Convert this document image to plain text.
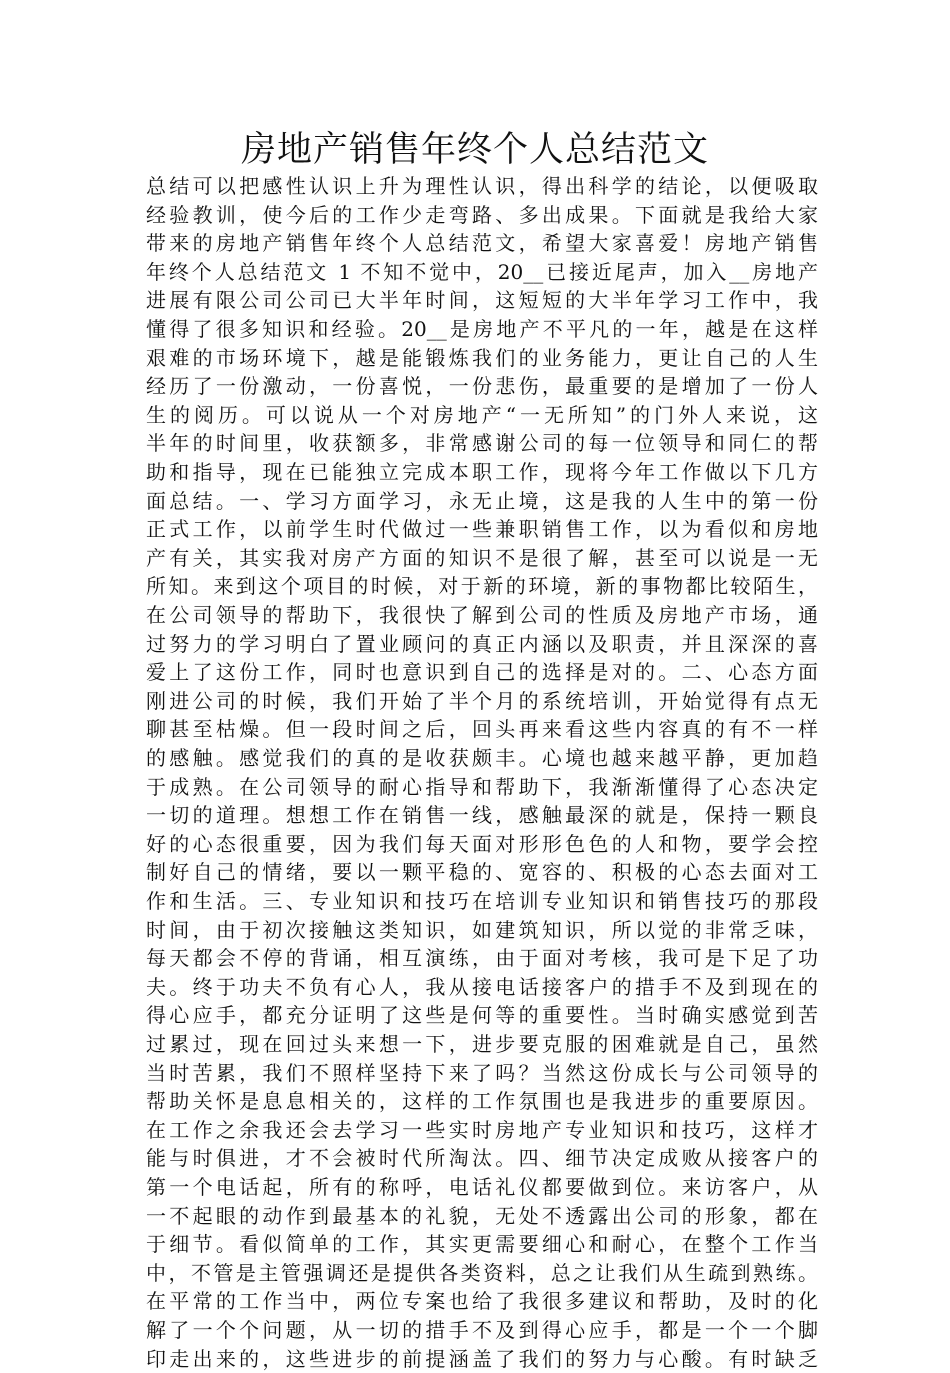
房地产销售年终个人总结范文
总结可以把感性认识上升为理性认识，得出科学的结论，以便吸取
经验教训，使今后的工作少走弯路、多出成果。下面就是我给大家
带来的房地产销售年终个人总结范文，希望大家喜爱！房地产销售
年终个人总结范文 1 不知不觉中，20__已接近尾声，加入__房地产
进展有限公司公司已大半年时间，这短短的大半年学习工作中，我
懂得了很多知识和经验。20__是房地产不平凡的一年，越是在这样
艰难的市场环境下，越是能锻炼我们的业务能力，更让自己的人生
经历了一份激动，一份喜悦，一份悲伤，最重要的是增加了一份人
生的阅历。可以说从一个对房地产“一无所知”的门外人来说，这
半年的时间里，收获额多，非常感谢公司的每一位领导和同仁的帮
助和指导，现在已能独立完成本职工作，现将今年工作做以下几方
面总结。一、学习方面学习，永无止境，这是我的人生中的第一份
正式工作，以前学生时代做过一些兼职销售工作，以为看似和房地
产有关，其实我对房产方面的知识不是很了解，甚至可以说是一无
所知。来到这个项目的时候，对于新的环境，新的事物都比较陌生，
在公司领导的帮助下，我很快了解到公司的性质及房地产市场，通
过努力的学习明白了置业顾问的真正内涵以及职责，并且深深的喜
爱上了这份工作，同时也意识到自己的选择是对的。二、心态方面
刚进公司的时候，我们开始了半个月的系统培训，开始觉得有点无
聊甚至枯燥。但一段时间之后，回头再来看这些内容真的有不一样
的感触。感觉我们的真的是收获颇丰。心境也越来越平静，更加趋
于成熟。在公司领导的耐心指导和帮助下，我渐渐懂得了心态决定
一切的道理。想想工作在销售一线，感触最深的就是，保持一颗良
好的心态很重要，因为我们每天面对形形色色的人和物，要学会控
制好自己的情绪，要以一颗平稳的、宽容的、积极的心态去面对工
作和生活。三、专业知识和技巧在培训专业知识和销售技巧的那段
时间，由于初次接触这类知识，如建筑知识，所以觉的非常乏味，
每天都会不停的背诵，相互演练，由于面对考核，我可是下足了功
夫。终于功夫不负有心人，我从接电话接客户的措手不及到现在的
得心应手，都充分证明了这些是何等的重要性。当时确实感觉到苦
过累过，现在回过头来想一下，进步要克服的困难就是自己，虽然
当时苦累，我们不照样坚持下来了吗？当然这份成长与公司领导的
帮助关怀是息息相关的，这样的工作氛围也是我进步的重要原因。
在工作之余我还会去学习一些实时房地产专业知识和技巧，这样才
能与时俱进，才不会被时代所淘汰。四、细节决定成败从接客户的
第一个电话起，所有的称呼，电话礼仪都要做到位。来访客户，从
一不起眼的动作到最基本的礼貌，无处不透露出公司的形象，都在
于细节。看似简单的工作，其实更需要细心和耐心，在整个工作当
中，不管是主管强调还是提供各类资料，总之让我们从生疏到熟练。
在平常的工作当中，两位专案也给了我很多建议和帮助，及时的化
解了一个个问题，从一切的措手不及到得心应手，都是一个一个脚
印走出来的，这些进步的前提涵盖了我们的努力与心酸。有时缺乏
